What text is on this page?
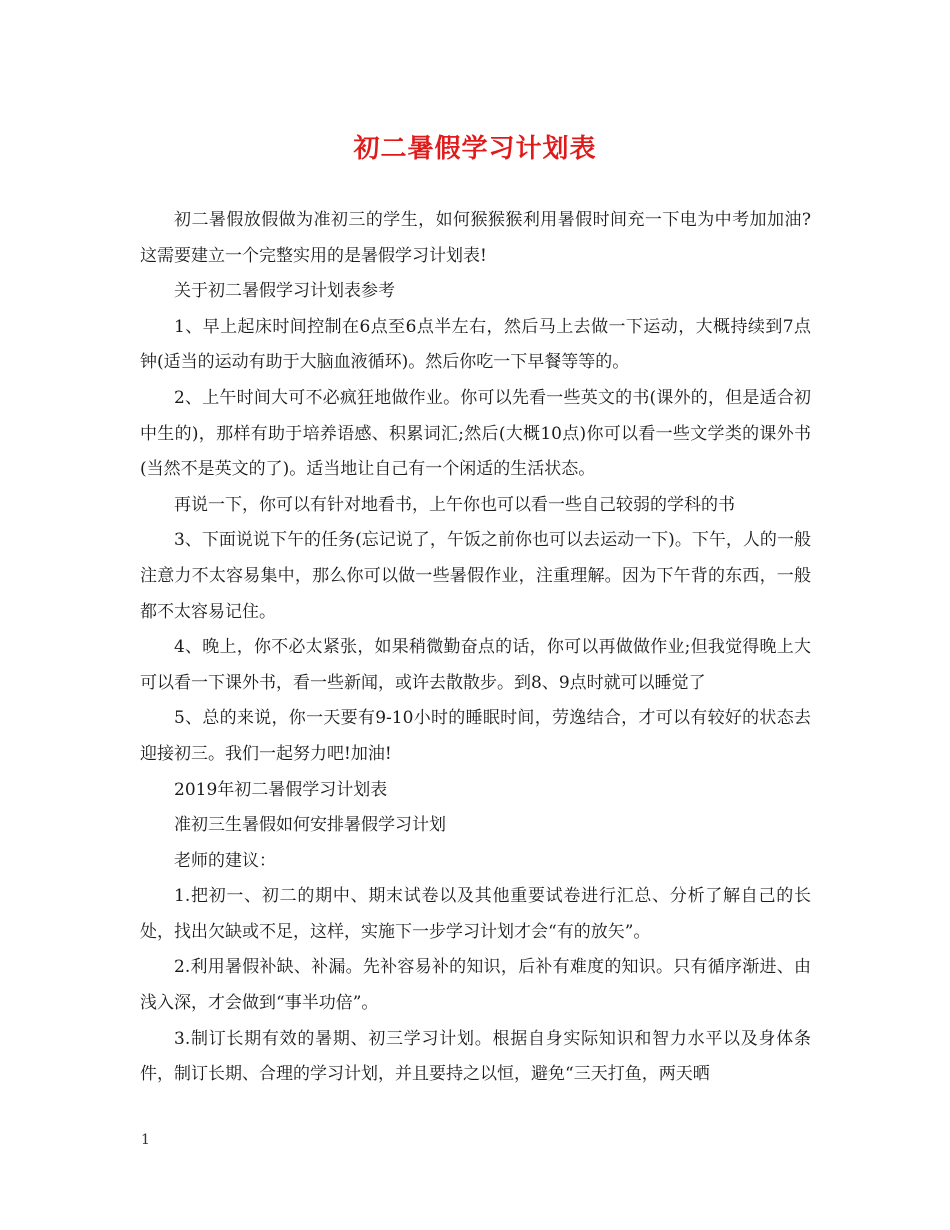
初二暑假学习计划表

初二暑假放假做为准初三的学生，如何猴猴猴利用暑假时间充一下电为中考加加油?这需要建立一个完整实用的是暑假学习计划表!

关于初二暑假学习计划表参考

1、早上起床时间控制在6点至6点半左右，然后马上去做一下运动，大概持续到7点钟(适当的运动有助于大脑血液循环)。然后你吃一下早餐等等的。

2、上午时间大可不必疯狂地做作业。你可以先看一些英文的书(课外的，但是适合初中生的)，那样有助于培养语感、积累词汇;然后(大概10点)你可以看一些文学类的课外书(当然不是英文的了)。适当地让自己有一个闲适的生活状态。

再说一下，你可以有针对地看书，上午你也可以看一些自己较弱的学科的书

3、下面说说下午的任务(忘记说了，午饭之前你也可以去运动一下)。下午，人的一般注意力不太容易集中，那么你可以做一些暑假作业，注重理解。因为下午背的东西，一般都不太容易记住。

4、晚上，你不必太紧张，如果稍微勤奋点的话，你可以再做做作业;但我觉得晚上大可以看一下课外书，看一些新闻，或许去散散步。到8、9点时就可以睡觉了

5、总的来说，你一天要有9-10小时的睡眠时间，劳逸结合，才可以有较好的状态去迎接初三。我们一起努力吧!加油!

2019年初二暑假学习计划表

准初三生暑假如何安排暑假学习计划

老师的建议：

1.把初一、初二的期中、期末试卷以及其他重要试卷进行汇总、分析了解自己的长处，找出欠缺或不足，这样，实施下一步学习计划才会“有的放矢”。

2.利用暑假补缺、补漏。先补容易补的知识，后补有难度的知识。只有循序渐进、由浅入深，才会做到“事半功倍”。

3.制订长期有效的暑期、初三学习计划。根据自身实际知识和智力水平以及身体条件，制订长期、合理的学习计划，并且要持之以恒，避免“三天打鱼，两天晒

1
